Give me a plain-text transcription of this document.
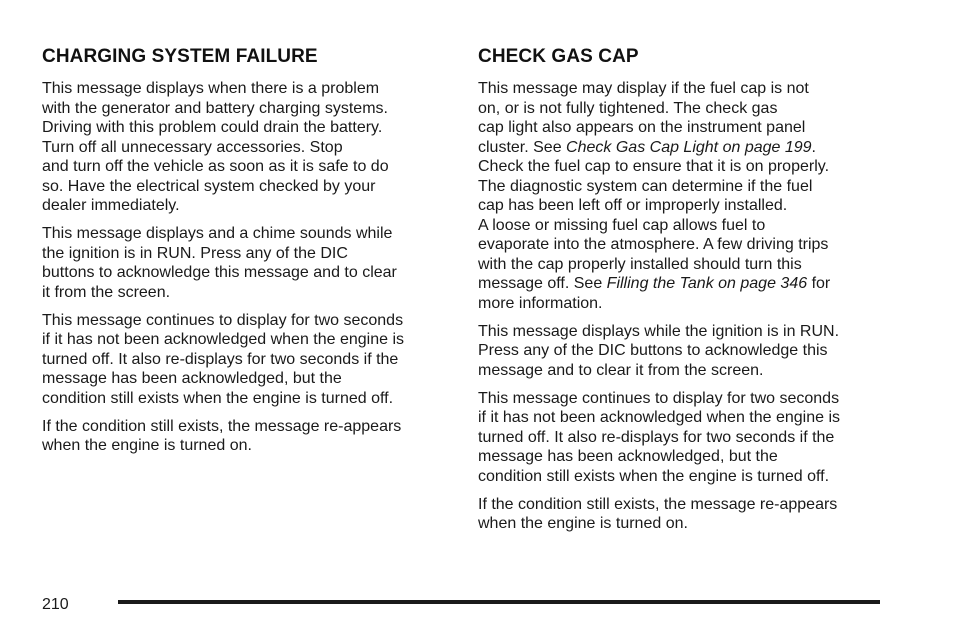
CHARGING SYSTEM FAILURE

This message displays when there is a problem
with the generator and battery charging systems.
Driving with this problem could drain the battery.
Turn off all unnecessary accessories. Stop
and turn off the vehicle as soon as it is safe to do
so. Have the electrical system checked by your
dealer immediately.

This message displays and a chime sounds while
the ignition is in RUN. Press any of the DIC
buttons to acknowledge this message and to clear
it from the screen.

This message continues to display for two seconds
if it has not been acknowledged when the engine is
turned off. It also re-displays for two seconds if the
message has been acknowledged, but the
condition still exists when the engine is turned off.

If the condition still exists, the message re-appears
when the engine is turned on.

CHECK GAS CAP

This message may display if the fuel cap is not
on, or is not fully tightened. The check gas
cap light also appears on the instrument panel
cluster. See Check Gas Cap Light on page 199.
Check the fuel cap to ensure that it is on properly.
The diagnostic system can determine if the fuel
cap has been left off or improperly installed.
A loose or missing fuel cap allows fuel to
evaporate into the atmosphere. A few driving trips
with the cap properly installed should turn this
message off. See Filling the Tank on page 346 for
more information.

This message displays while the ignition is in RUN.
Press any of the DIC buttons to acknowledge this
message and to clear it from the screen.

This message continues to display for two seconds
if it has not been acknowledged when the engine is
turned off. It also re-displays for two seconds if the
message has been acknowledged, but the
condition still exists when the engine is turned off.

If the condition still exists, the message re-appears
when the engine is turned on.

210
